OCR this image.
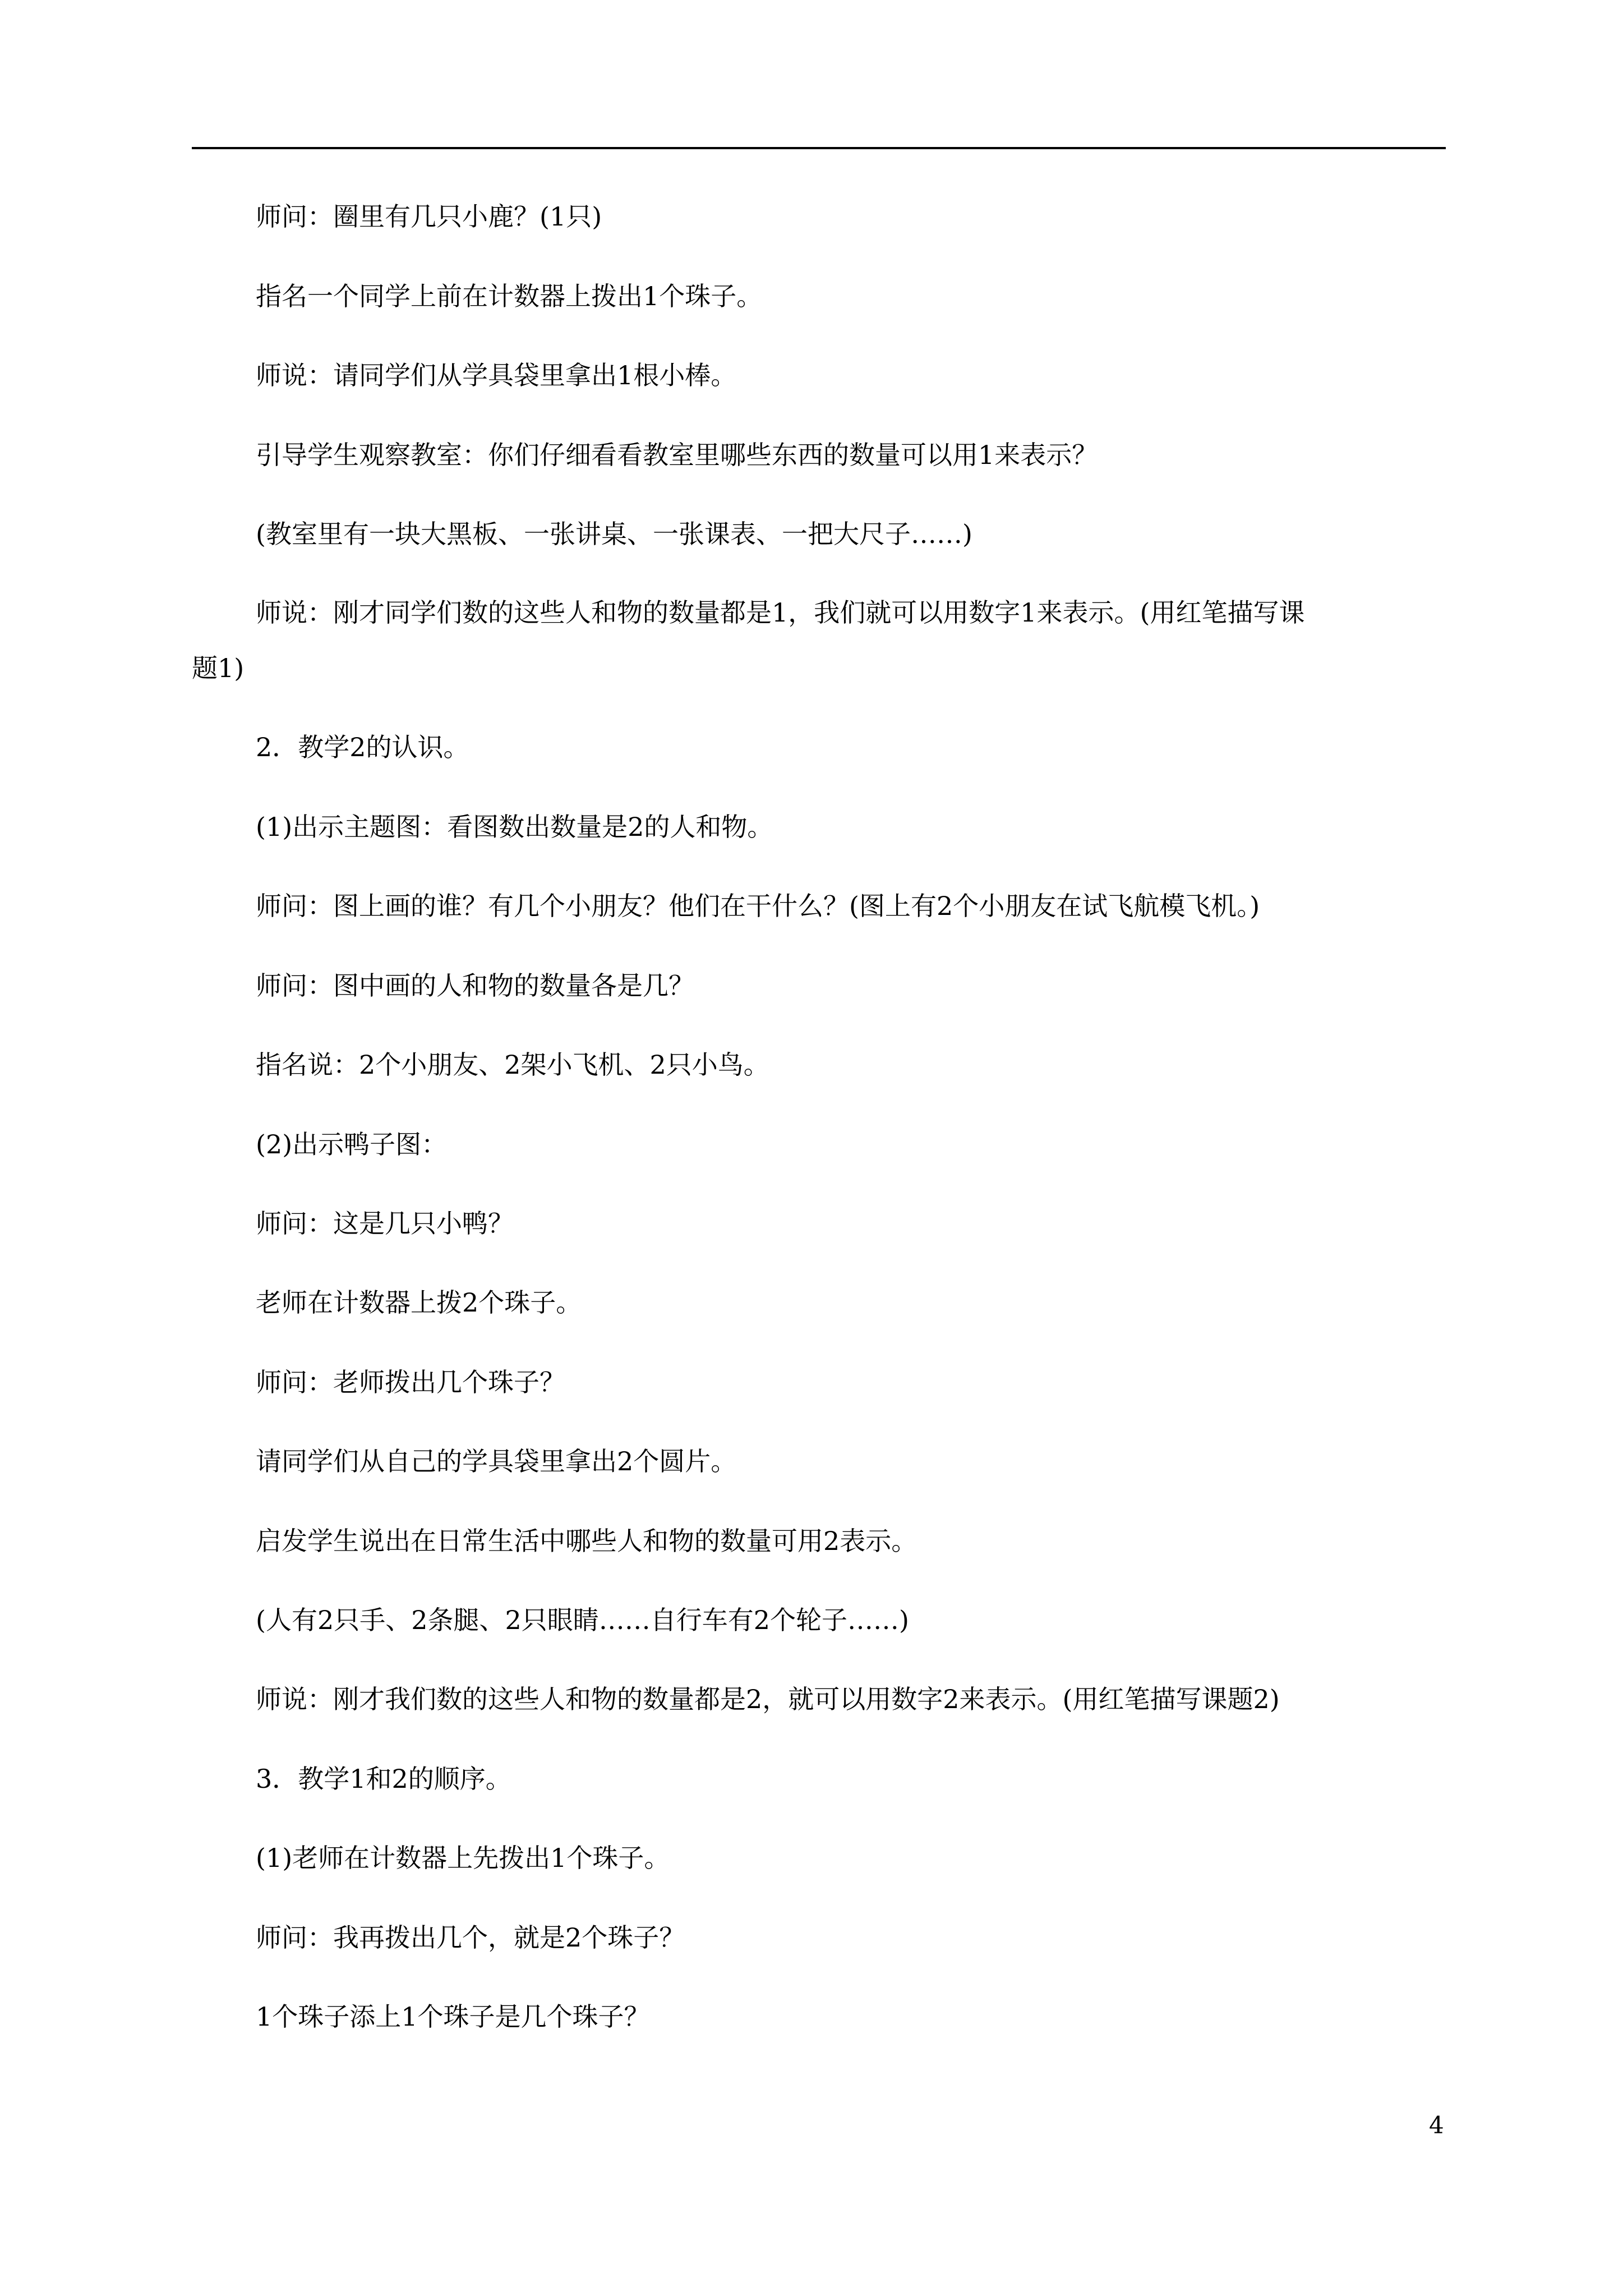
师问：圈里有几只小鹿？(1只)

指名一个同学上前在计数器上拨出1个珠子。

师说：请同学们从学具袋里拿出1根小棒。

引导学生观察教室：你们仔细看看教室里哪些东西的数量可以用1来表示？

(教室里有一块大黑板、一张讲桌、一张课表、一把大尺子……)

师说：刚才同学们数的这些人和物的数量都是1，我们就可以用数字1来表示。(用红笔描写课

题1)

2．教学2的认识。

(1)出示主题图：看图数出数量是2的人和物。

师问：图上画的谁？有几个小朋友？他们在干什么？(图上有2个小朋友在试飞航模飞机。)

师问：图中画的人和物的数量各是几？

指名说：2个小朋友、2架小飞机、2只小鸟。

(2)出示鸭子图：

师问：这是几只小鸭？

老师在计数器上拨2个珠子。

师问：老师拨出几个珠子？

请同学们从自己的学具袋里拿出2个圆片。

启发学生说出在日常生活中哪些人和物的数量可用2表示。

(人有2只手、2条腿、2只眼睛……自行车有2个轮子……)

师说：刚才我们数的这些人和物的数量都是2，就可以用数字2来表示。(用红笔描写课题2)

3．教学1和2的顺序。

(1)老师在计数器上先拨出1个珠子。

师问：我再拨出几个，就是2个珠子？

1个珠子添上1个珠子是几个珠子？

4
